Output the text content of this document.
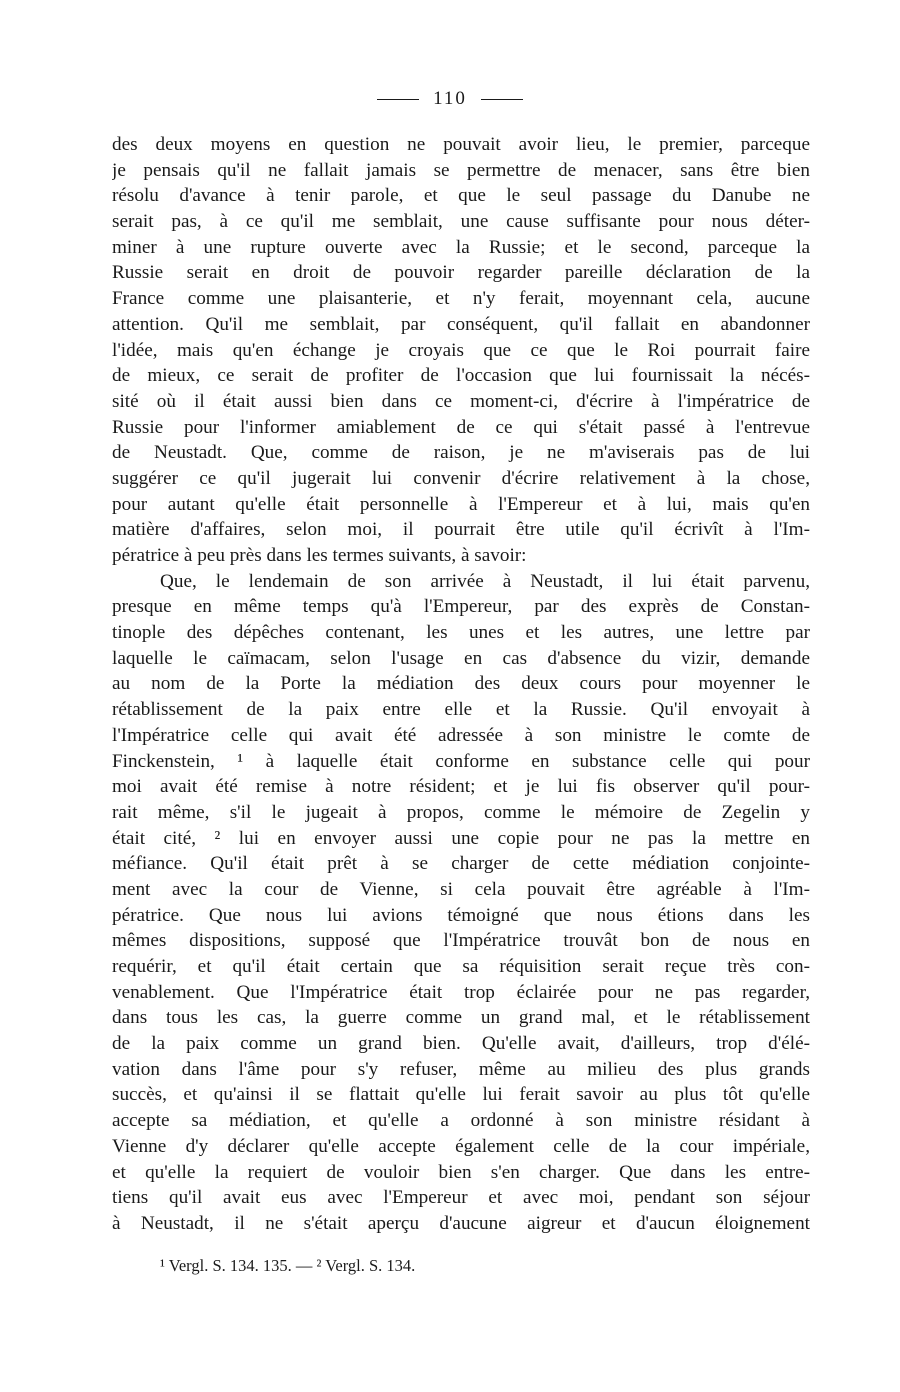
110
des deux moyens en question ne pouvait avoir lieu, le premier, parceque
je pensais qu'il ne fallait jamais se permettre de menacer, sans être bien
résolu d'avance à tenir parole, et que le seul passage du Danube ne
serait pas, à ce qu'il me semblait, une cause suffisante pour nous déter-
miner à une rupture ouverte avec la Russie; et le second, parceque la
Russie serait en droit de pouvoir regarder pareille déclaration de la
France comme une plaisanterie, et n'y ferait, moyennant cela, aucune
attention. Qu'il me semblait, par conséquent, qu'il fallait en abandonner
l'idée, mais qu'en échange je croyais que ce que le Roi pourrait faire
de mieux, ce serait de profiter de l'occasion que lui fournissait la nécés-
sité où il était aussi bien dans ce moment-ci, d'écrire à l'impératrice de
Russie pour l'informer amiablement de ce qui s'était passé à l'entrevue
de Neustadt. Que, comme de raison, je ne m'aviserais pas de lui
suggérer ce qu'il jugerait lui convenir d'écrire relativement à la chose,
pour autant qu'elle était personnelle à l'Empereur et à lui, mais qu'en
matière d'affaires, selon moi, il pourrait être utile qu'il écrivît à l'Im-
pératrice à peu près dans les termes suivants, à savoir:
Que, le lendemain de son arrivée à Neustadt, il lui était parvenu,
presque en même temps qu'à l'Empereur, par des exprès de Constan-
tinople des dépêches contenant, les unes et les autres, une lettre par
laquelle le caïmacam, selon l'usage en cas d'absence du vizir, demande
au nom de la Porte la médiation des deux cours pour moyenner le
rétablissement de la paix entre elle et la Russie. Qu'il envoyait à
l'Impératrice celle qui avait été adressée à son ministre le comte de
Finckenstein, ¹ à laquelle était conforme en substance celle qui pour
moi avait été remise à notre résident; et je lui fis observer qu'il pour-
rait même, s'il le jugeait à propos, comme le mémoire de Zegelin y
était cité, ² lui en envoyer aussi une copie pour ne pas la mettre en
méfiance. Qu'il était prêt à se charger de cette médiation conjointe-
ment avec la cour de Vienne, si cela pouvait être agréable à l'Im-
pératrice. Que nous lui avions témoigné que nous étions dans les
mêmes dispositions, supposé que l'Impératrice trouvât bon de nous en
requérir, et qu'il était certain que sa réquisition serait reçue très con-
venablement. Que l'Impératrice était trop éclairée pour ne pas regarder,
dans tous les cas, la guerre comme un grand mal, et le rétablissement
de la paix comme un grand bien. Qu'elle avait, d'ailleurs, trop d'élé-
vation dans l'âme pour s'y refuser, même au milieu des plus grands
succès, et qu'ainsi il se flattait qu'elle lui ferait savoir au plus tôt qu'elle
accepte sa médiation, et qu'elle a ordonné à son ministre résidant à
Vienne d'y déclarer qu'elle accepte également celle de la cour impériale,
et qu'elle la requiert de vouloir bien s'en charger. Que dans les entre-
tiens qu'il avait eus avec l'Empereur et avec moi, pendant son séjour
à Neustadt, il ne s'était aperçu d'aucune aigreur et d'aucun éloignement
¹ Vergl. S. 134. 135. — ² Vergl. S. 134.
